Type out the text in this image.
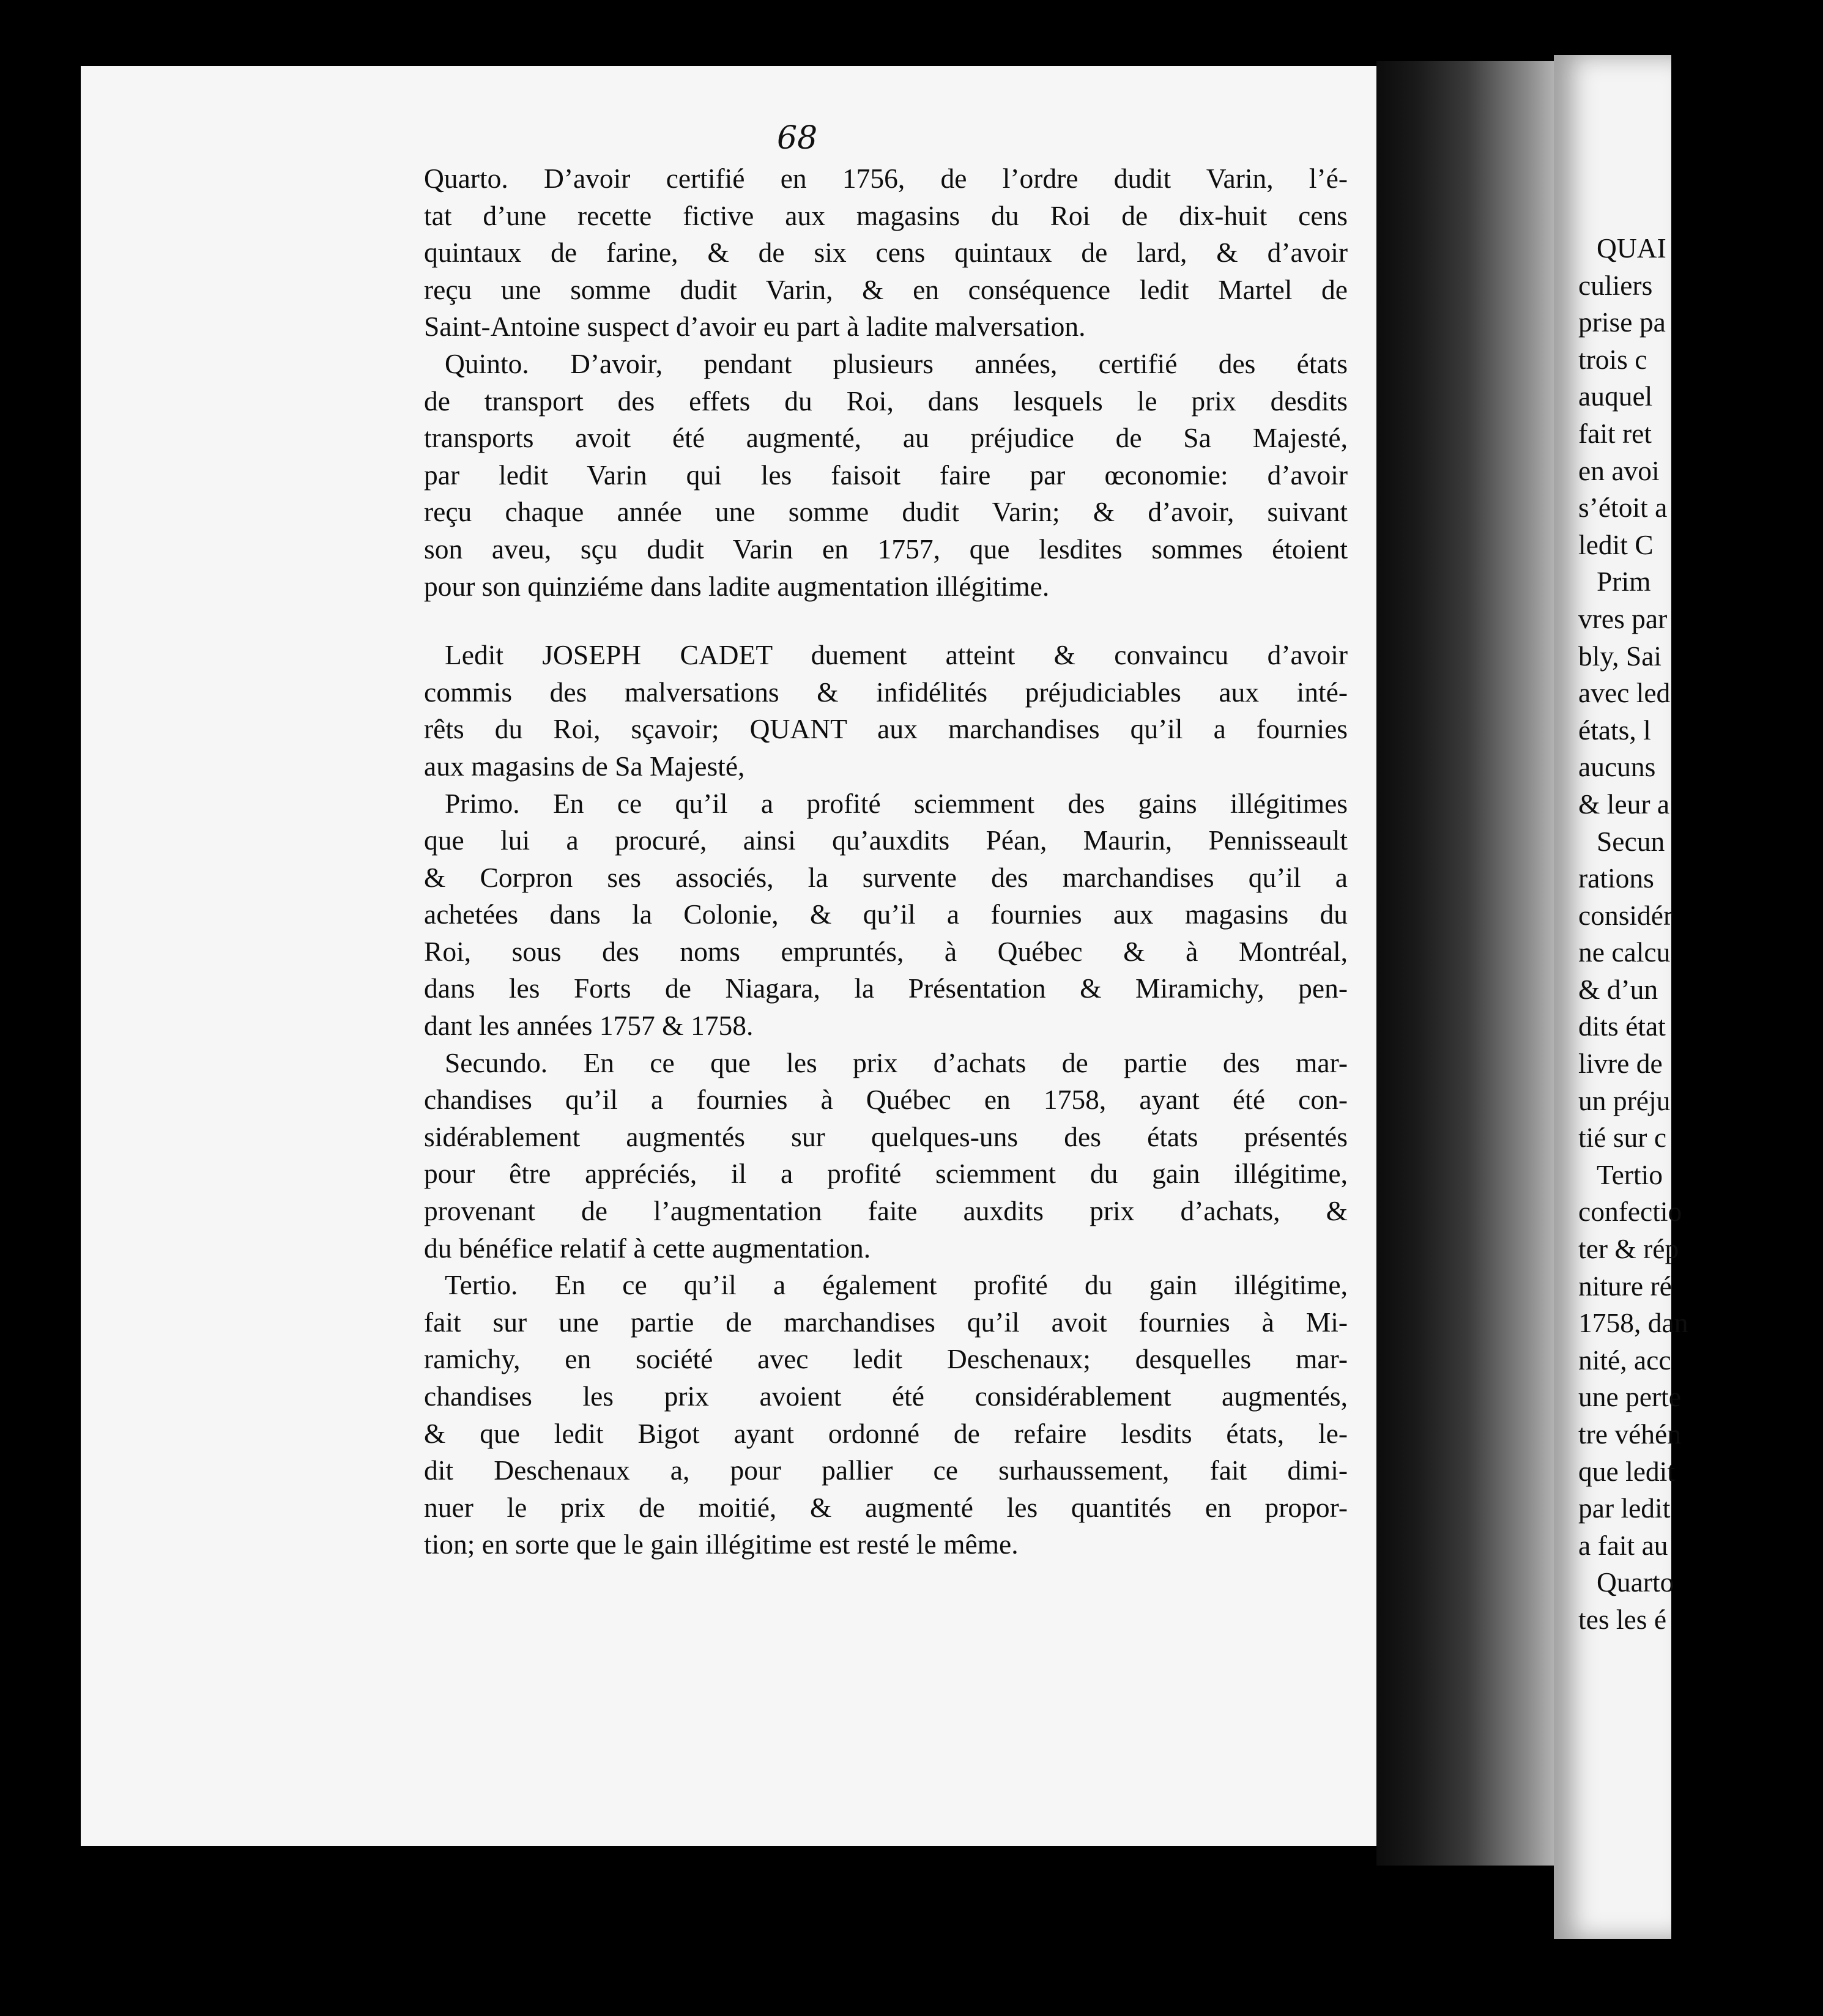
68
Quarto. D’avoir certifié en 1756, de l’ordre dudit Varin, l’é-
tat d’une recette fictive aux magasins du Roi de dix-huit cens
quintaux de farine, & de six cens quintaux de lard, & d’avoir
reçu une somme dudit Varin, & en conséquence ledit Martel de
Saint-Antoine suspect d’avoir eu part à ladite malversation.
Quinto. D’avoir, pendant plusieurs années, certifié des états
de transport des effets du Roi, dans lesquels le prix desdits
transports avoit été augmenté, au préjudice de Sa Majesté,
par ledit Varin qui les faisoit faire par œconomie: d’avoir
reçu chaque année une somme dudit Varin; & d’avoir, suivant
son aveu, sçu dudit Varin en 1757, que lesdites sommes étoient
pour son quinziéme dans ladite augmentation illégitime.
Ledit JOSEPH CADET duement atteint & convaincu d’avoir
commis des malversations & infidélités préjudiciables aux inté-
rêts du Roi, sçavoir; QUANT aux marchandises qu’il a fournies
aux magasins de Sa Majesté,
Primo. En ce qu’il a profité sciemment des gains illégitimes
que lui a procuré, ainsi qu’auxdits Péan, Maurin, Pennisseault
& Corpron ses associés, la survente des marchandises qu’il a
achetées dans la Colonie, & qu’il a fournies aux magasins du
Roi, sous des noms empruntés, à Québec & à Montréal,
dans les Forts de Niagara, la Présentation & Miramichy, pen-
dant les années 1757 & 1758.
Secundo. En ce que les prix d’achats de partie des mar-
chandises qu’il a fournies à Québec en 1758, ayant été con-
sidérablement augmentés sur quelques-uns des états présentés
pour être appréciés, il a profité sciemment du gain illégitime,
provenant de l’augmentation faite auxdits prix d’achats, &
du bénéfice relatif à cette augmentation.
Tertio. En ce qu’il a également profité du gain illégitime,
fait sur une partie de marchandises qu’il avoit fournies à Mi-
ramichy, en société avec ledit Deschenaux; desquelles mar-
chandises les prix avoient été considérablement augmentés,
& que ledit Bigot ayant ordonné de refaire lesdits états, le-
dit Deschenaux a, pour pallier ce surhaussement, fait dimi-
nuer le prix de moitié, & augmenté les quantités en propor-
tion; en sorte que le gain illégitime est resté le même.
QUAI
culiers
prise pa
trois c
auquel
fait ret
en avoi
s’étoit a
ledit C
Prim
vres par
bly, Sai
avec led
états, l
aucuns
& leur a
Secun
rations
considér
ne calcu
& d’un
dits état
livre de
un préju
tié sur c
Tertio
confectio
ter & rép
niture ré
1758, dan
nité, acc
une perte
tre véhén
que ledit
par ledit
a fait au
Quarto
tes les é
